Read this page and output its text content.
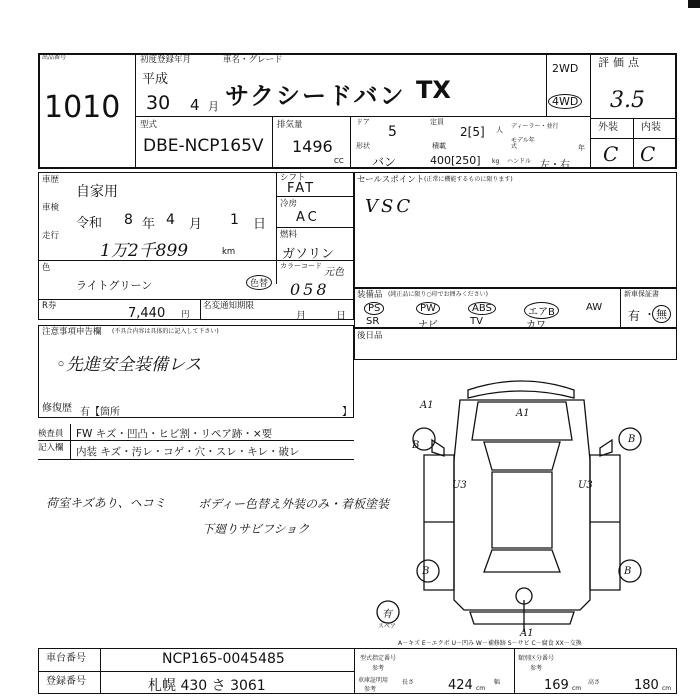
出品番号
1010
初度登録年月
平成
30 4 月
車名・グレード
サクシードバン TX
2WD
4WD
評価点
3.5
型式
DBE-NCP165V
排気量
1496
CC
ドア
5
定員
2[5] 人 ディーラー・並行
形状
バン
積載
400[250] kg
モデル年式	年
ハンドル 左・右
外装 内装
C C
車歴
自家用
シフト
FAT
車検
令和 8 年 4 月 1 日
冷房
AC
走行
1万2千899	km
燃料
ガソリン
色
ライトグリーン	色替
カラーコード
元色
058
R券	7,440 円
名変通知期限
月	日
注意事項申告欄 (不具合内容は具体的に記入して下さい)
◦先進安全装備レス
修復歴 有【箇所	】
検査員
記入欄
FW キズ・凹凸・ヒビ割・リペア跡・×要
内装 キズ・汚レ・コゲ・穴・スレ・キレ・破レ
セールスポイント (正常に機能するものに限ります)
VSC
装備品 (純正品に限り○印でお囲みください)
PS
SR
PW
ナビ
ABS
TV
エアB
カワ
AW
新車保証書
有 ・ 無
後日品
荷室キズあり、ヘコミ	ボディー色替え外装のみ・着板塗装
下廻りサビフショク
A1
A1
U3	U3
B
B
B	B
A1
有
スペア
A－キズ E－エクボ U－凹み W－補修跡 S－サビ C－腐食 XX－交換
車台番号	NCP165-0045485
登録番号	札幌 430 さ 3061
型式指定番号
参考
類別区分番号
参考
車庫証明用
参考
長さ	424 cm
幅	169 cm
高さ	180 cm
